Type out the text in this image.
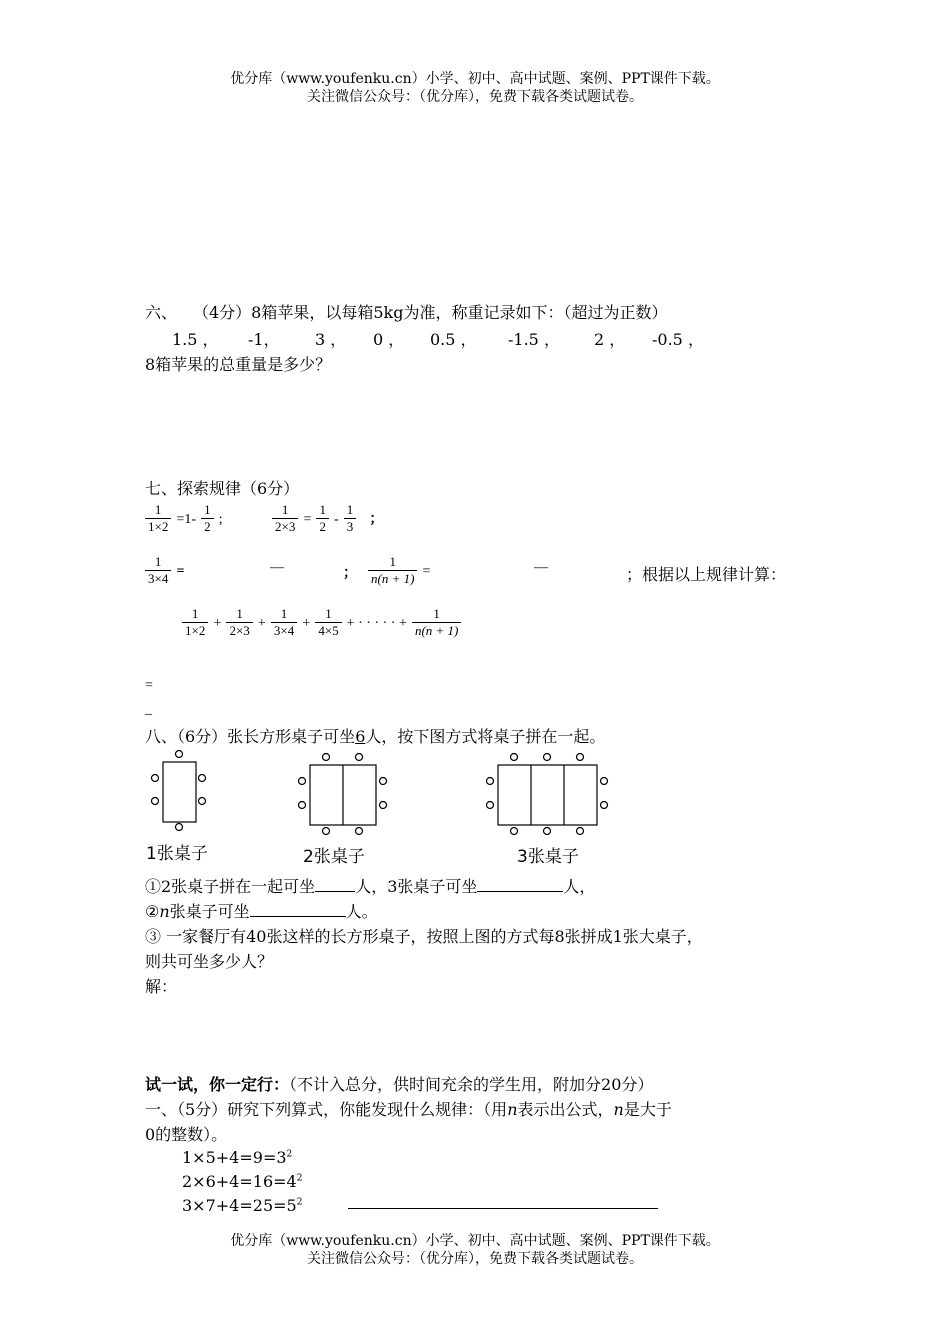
优分库（www.youfenku.cn）小学、初中、高中试题、案例、PPT课件下载。
关注微信公众号：（优分库），免费下载各类试题试卷。
六、　　（4分）8箱苹果，以每箱5kg为准，称重记录如下：（超过为正数）
1.5 ， -1， 3 ， 0 ， 0.5 ， -1.5 ， 2 ， -0.5 ，
8箱苹果的总重量是多少？
七、探索规律（6分）
$\frac{1}{1\times 2} =1- \frac{1}{2}$ ;	$\frac{1}{2\times 3} = \frac{1}{2} - \frac{1}{3}$ ；
$\frac{1}{3\times 4}$ =	—	； $\frac{1}{n(n + 1)}$ =	—	；根据以上规律计算：
$\frac{1}{1\times 2} + \frac{1}{2\times 3} + \frac{1}{3\times 4} + \frac{1}{4\times 5}$ + · · · · · + $\frac{1}{n(n + 1)}$
=
_
八、（6分）张长方形桌子可坐6人，按下图方式将桌子拼在一起。
1张桌子	2张桌子	3张桌子
①2张桌子拼在一起可坐	人，3张桌子可坐	人，
②n张桌子可坐	人。
③ 一家餐厅有40张这样的长方形桌子，按照上图的方式每8张拼成1张大桌子，
则共可坐多少人？
解：
试一试，你一定行：（不计入总分，供时间充余的学生用，附加分20分）
一、（5分）研究下列算式，你能发现什么规律：（用n表示出公式，n是大于
0的整数）。
$1\times 5+4=9=3^2$
$2\times 6+4=16=4^2$
$3\times 7+4=25=5^2$
优分库（www.youfenku.cn）小学、初中、高中试题、案例、PPT课件下载。
关注微信公众号：（优分库），免费下载各类试题试卷。
